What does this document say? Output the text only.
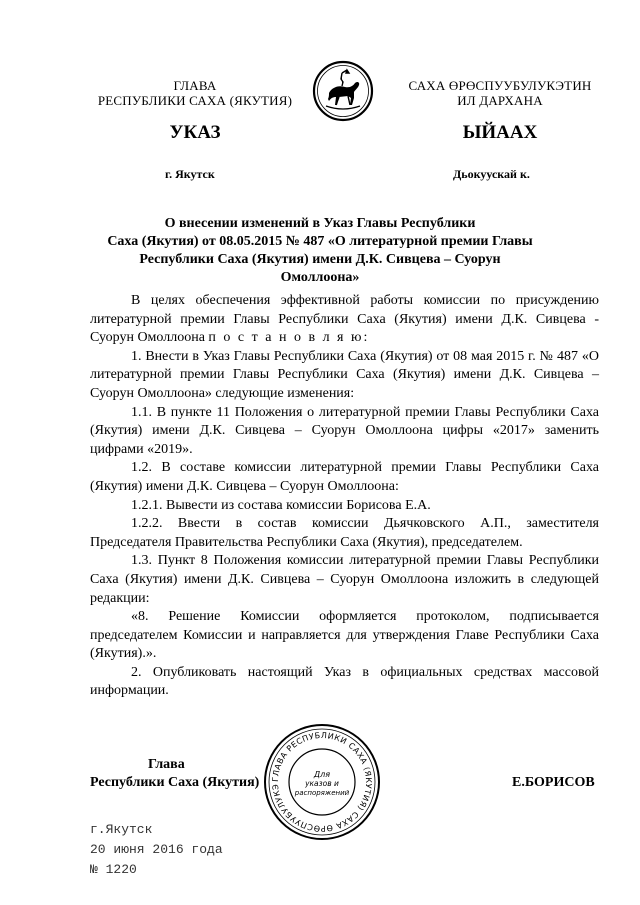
ГЛАВА
РЕСПУБЛИКИ САХА (ЯКУТИЯ)
САХА ӨРӨСПУУБУЛУКЭТИН
ИЛ ДАРХАНА
УКАЗ	ЫЙААХ
г. Якутск	Дьокуускай к.
О внесении изменений в Указ Главы Республики
Саха (Якутия) от 08.05.2015 № 487 «О литературной премии Главы
Республики Саха (Якутия) имени Д.К. Сивцева – Суорун Омоллоона»

В целях обеспечения эффективной работы комиссии по присуждению литературной премии Главы Республики Саха (Якутия) имени Д.К. Сивцева - Суорун Омоллоона п о с т а н о в л я ю:

1. Внести в Указ Главы Республики Саха (Якутия) от 08 мая 2015 г. № 487 «О литературной премии Главы Республики Саха (Якутия) имени Д.К. Сивцева – Суорун Омоллоона» следующие изменения:

1.1. В пункте 11 Положения о литературной премии Главы Республики Саха (Якутия) имени Д.К. Сивцева – Суорун Омоллоона цифры «2017» заменить цифрами «2019».

1.2. В составе комиссии литературной премии Главы Республики Саха (Якутия) имени Д.К. Сивцева – Суорун Омоллоона:

1.2.1. Вывести из состава комиссии Борисова Е.А.

1.2.2. Ввести в состав комиссии Дьячковского А.П., заместителя Председателя Правительства Республики Саха (Якутия), председателем.

1.3. Пункт 8 Положения комиссии литературной премии Главы Республики Саха (Якутия) имени Д.К. Сивцева – Суорун Омоллоона изложить в следующей редакции:

«8. Решение Комиссии оформляется протоколом, подписывается председателем Комиссии и направляется для утверждения Главе Республики Саха (Якутия).».

2. Опубликовать настоящий Указ в официальных средствах массовой информации.

Глава
Республики Саха (Якутия)	Е.БОРИСОВ
ГЛАВА РЕСПУБЛИКИ САХА (ЯКУТИЯ) САХА ӨРӨСПУУБУЛУКЭ
Для
указов и
распоряжений
г.Якутск
20 июня 2016 года
№ 1220
